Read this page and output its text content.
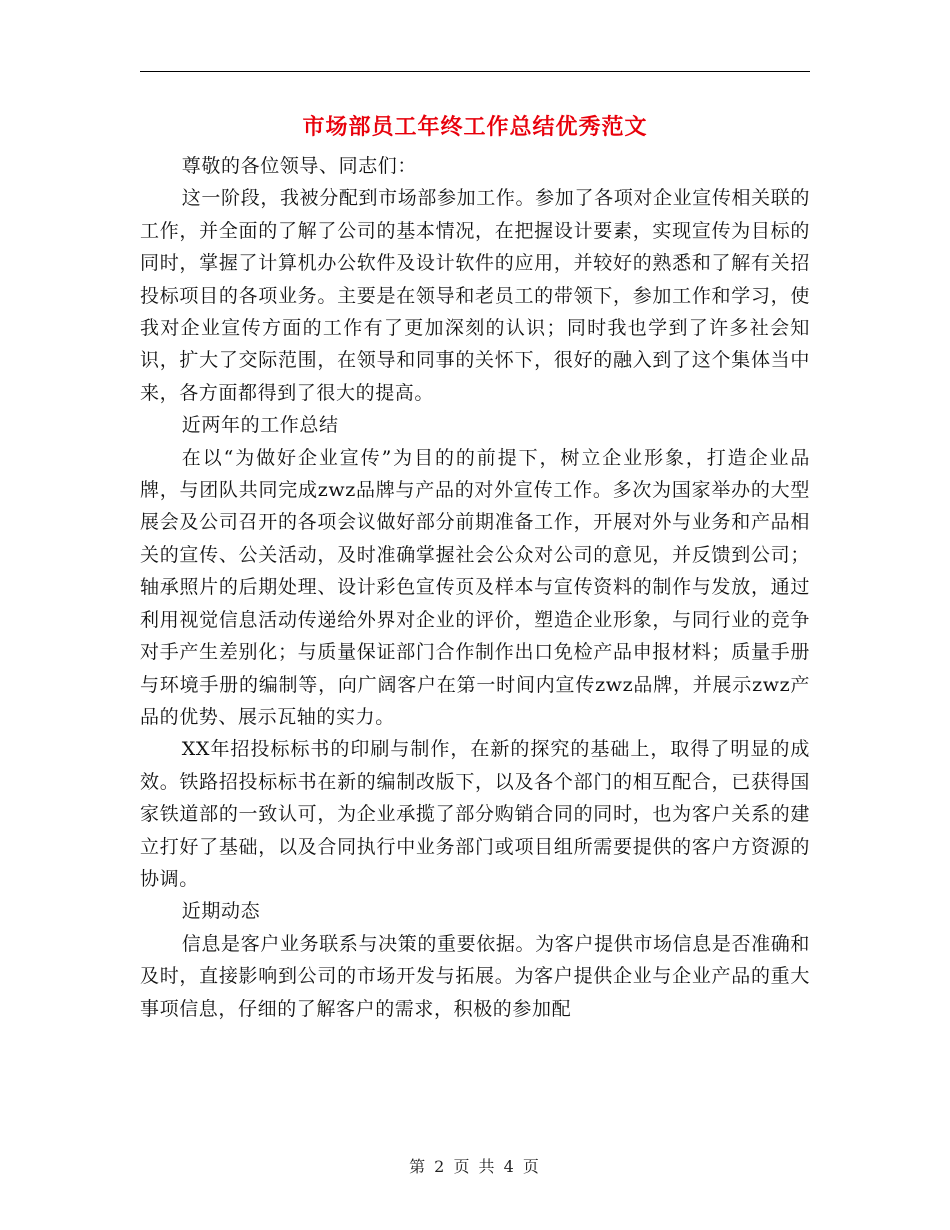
市场部员工年终工作总结优秀范文

尊敬的各位领导、同志们：

这一阶段，我被分配到市场部参加工作。参加了各项对企业宣传相关联的工作，并全面的了解了公司的基本情况，在把握设计要素，实现宣传为目标的同时，掌握了计算机办公软件及设计软件的应用，并较好的熟悉和了解有关招投标项目的各项业务。主要是在领导和老员工的带领下，参加工作和学习，使我对企业宣传方面的工作有了更加深刻的认识；同时我也学到了许多社会知识，扩大了交际范围，在领导和同事的关怀下，很好的融入到了这个集体当中来，各方面都得到了很大的提高。

近两年的工作总结

在以“为做好企业宣传”为目的的前提下，树立企业形象，打造企业品牌，与团队共同完成zwz品牌与产品的对外宣传工作。多次为国家举办的大型展会及公司召开的各项会议做好部分前期准备工作，开展对外与业务和产品相关的宣传、公关活动，及时准确掌握社会公众对公司的意见，并反馈到公司；轴承照片的后期处理、设计彩色宣传页及样本与宣传资料的制作与发放，通过利用视觉信息活动传递给外界对企业的评价，塑造企业形象，与同行业的竞争对手产生差别化；与质量保证部门合作制作出口免检产品申报材料；质量手册与环境手册的编制等，向广阔客户在第一时间内宣传zwz品牌，并展示zwz产品的优势、展示瓦轴的实力。

XX年招投标标书的印刷与制作，在新的探究的基础上，取得了明显的成效。铁路招投标标书在新的编制改版下，以及各个部门的相互配合，已获得国家铁道部的一致认可，为企业承揽了部分购销合同的同时，也为客户关系的建立打好了基础，以及合同执行中业务部门或项目组所需要提供的客户方资源的协调。

近期动态

信息是客户业务联系与决策的重要依据。为客户提供市场信息是否准确和及时，直接影响到公司的市场开发与拓展。为客户提供企业与企业产品的重大事项信息，仔细的了解客户的需求，积极的参加配

第 2 页 共 4 页
